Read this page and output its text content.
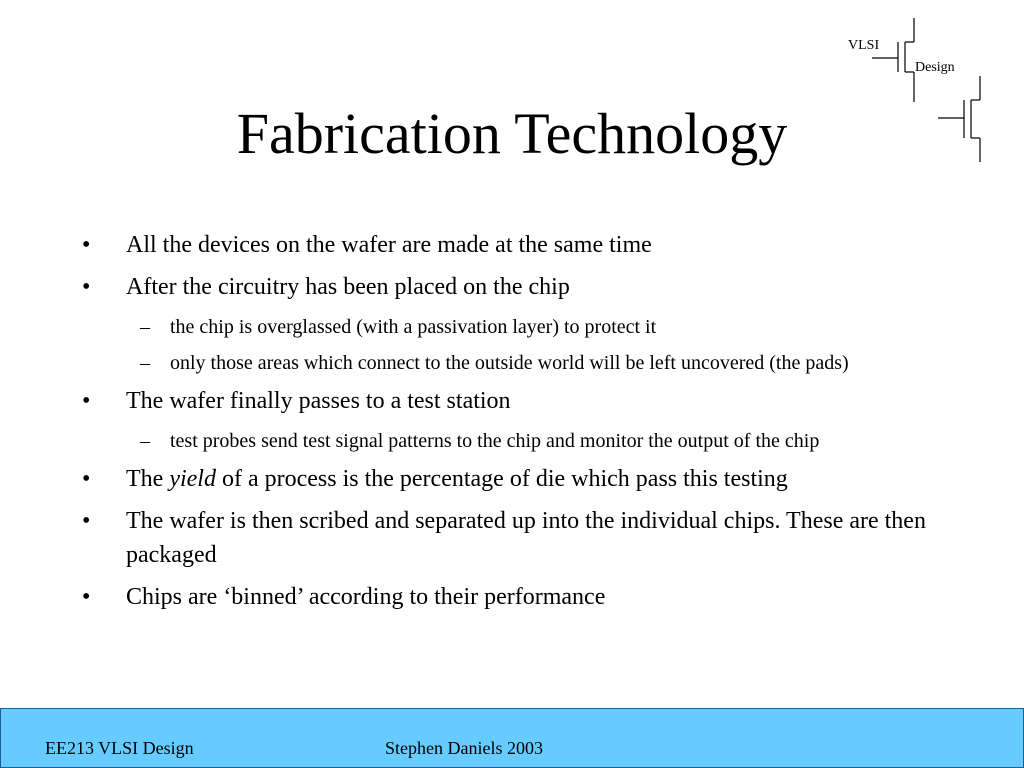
VLSI
Design
Fabrication Technology
• All the devices on the wafer are made at the same time
• After the circuitry has been placed on the chip
– the chip is overglassed (with a passivation layer) to protect it
– only those areas which connect to the outside world will be left uncovered (the pads)
• The wafer finally passes to a test station
– test probes send test signal patterns to the chip and monitor the output of the chip
• The yield of a process is the percentage of die which pass this testing
• The wafer is then scribed and separated up into the individual chips. These are then packaged
• Chips are ‘binned’ according to their performance
EE213 VLSI Design	Stephen Daniels 2003
